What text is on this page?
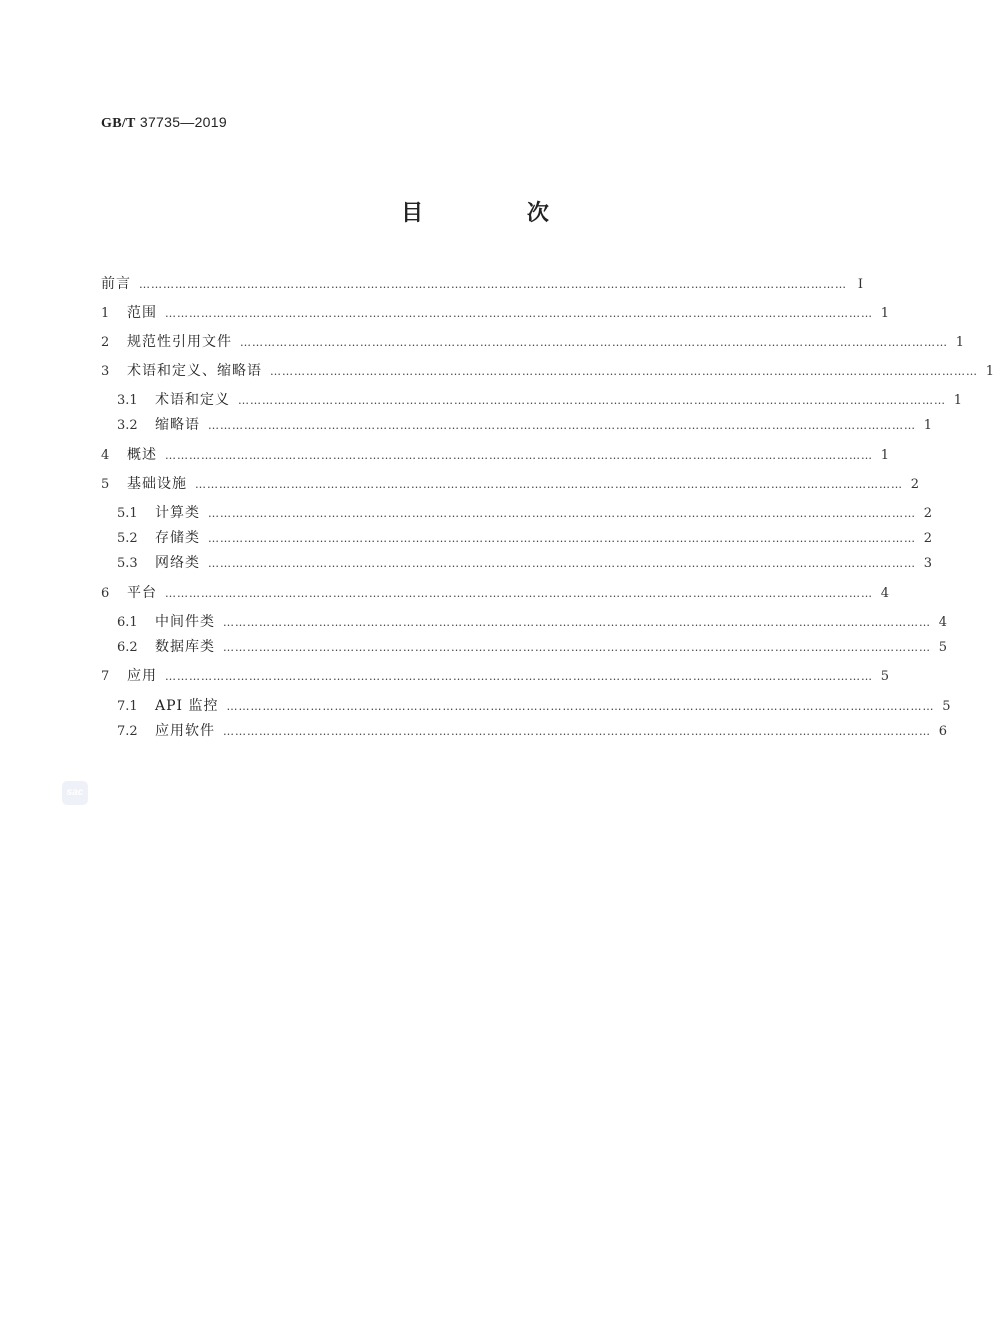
GB/T 37735—2019
目 次
前言 …………………………………………………………………………………………………………………………………………………………… Ⅰ
1	范围 …………………………………………………………………………………………………………………………………………………………… 1
2	规范性引用文件 …………………………………………………………………………………………………………………………………………………………… 1
3	术语和定义、缩略语 …………………………………………………………………………………………………………………………………………………………… 1
3.1	术语和定义 …………………………………………………………………………………………………………………………………………………………… 1
3.2	缩略语 …………………………………………………………………………………………………………………………………………………………… 1
4	概述 …………………………………………………………………………………………………………………………………………………………… 1
5	基础设施 …………………………………………………………………………………………………………………………………………………………… 2
5.1	计算类 …………………………………………………………………………………………………………………………………………………………… 2
5.2	存储类 …………………………………………………………………………………………………………………………………………………………… 2
5.3	网络类 …………………………………………………………………………………………………………………………………………………………… 3
6	平台 …………………………………………………………………………………………………………………………………………………………… 4
6.1	中间件类 …………………………………………………………………………………………………………………………………………………………… 4
6.2	数据库类 …………………………………………………………………………………………………………………………………………………………… 5
7	应用 …………………………………………………………………………………………………………………………………………………………… 5
7.1	API 监控 …………………………………………………………………………………………………………………………………………………………… 5
7.2	应用软件 …………………………………………………………………………………………………………………………………………………………… 6
sac
